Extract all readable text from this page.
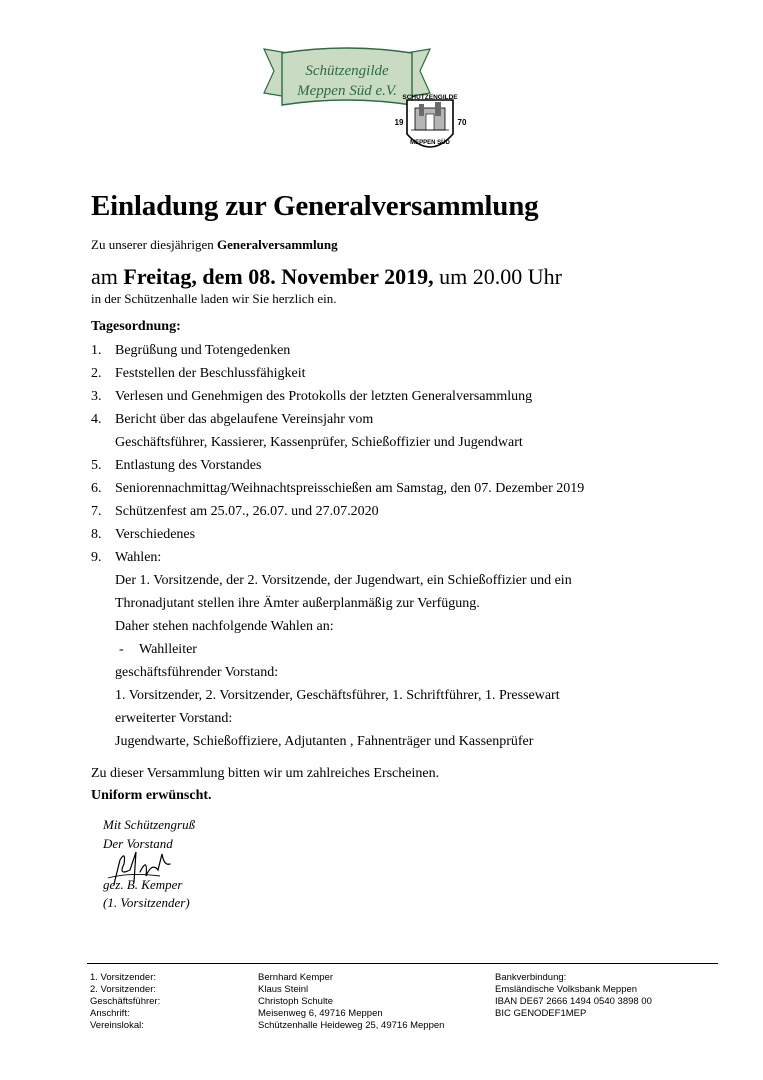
Schützengilde
Meppen Süd e.V. SCHÜTZENGILDE
19	70
MEPPEN SÜD
Einladung zur Generalversammlung
Zu unserer diesjährigen Generalversammlung
am Freitag, dem 08. November 2019, um 20.00 Uhr
in der Schützenhalle laden wir Sie herzlich ein.
Tagesordnung:
1. Begrüßung und Totengedenken
2. Feststellen der Beschlussfähigkeit
3. Verlesen und Genehmigen des Protokolls der letzten Generalversammlung
4. Bericht über das abgelaufene Vereinsjahr vom
Geschäftsführer, Kassierer, Kassenprüfer, Schießoffizier und Jugendwart
5. Entlastung des Vorstandes
6. Seniorennachmittag/Weihnachtspreisschießen am Samstag, den 07. Dezember 2019
7. Schützenfest am 25.07., 26.07. und 27.07.2020
8. Verschiedenes
9. Wahlen:
Der 1. Vorsitzende, der 2. Vorsitzende, der Jugendwart, ein Schießoffizier und ein
Thronadjutant stellen ihre Ämter außerplanmäßig zur Verfügung.
Daher stehen nachfolgende Wahlen an:
- Wahlleiter
geschäftsführender Vorstand:
1. Vorsitzender, 2. Vorsitzender, Geschäftsführer, 1. Schriftführer, 1. Pressewart
erweiterter Vorstand:
Jugendwarte, Schießoffiziere, Adjutanten , Fahnenträger und Kassenprüfer
Zu dieser Versammlung bitten wir um zahlreiches Erscheinen.
Uniform erwünscht.
Mit Schützengruß
Der Vorstand
gez. B. Kemper
(1. Vorsitzender)
1. Vorsitzender:
2. Vorsitzender:
Geschäftsführer:
Anschrift:
Vereinslokal:
Bernhard Kemper
Klaus Steinl
Christoph Schulte
Meisenweg 6, 49716 Meppen
Schützenhalle Heideweg 25, 49716 Meppen
Bankverbindung:
Emsländische Volksbank Meppen
IBAN DE67 2666 1494 0540 3898 00
BIC GENODEF1MEP
